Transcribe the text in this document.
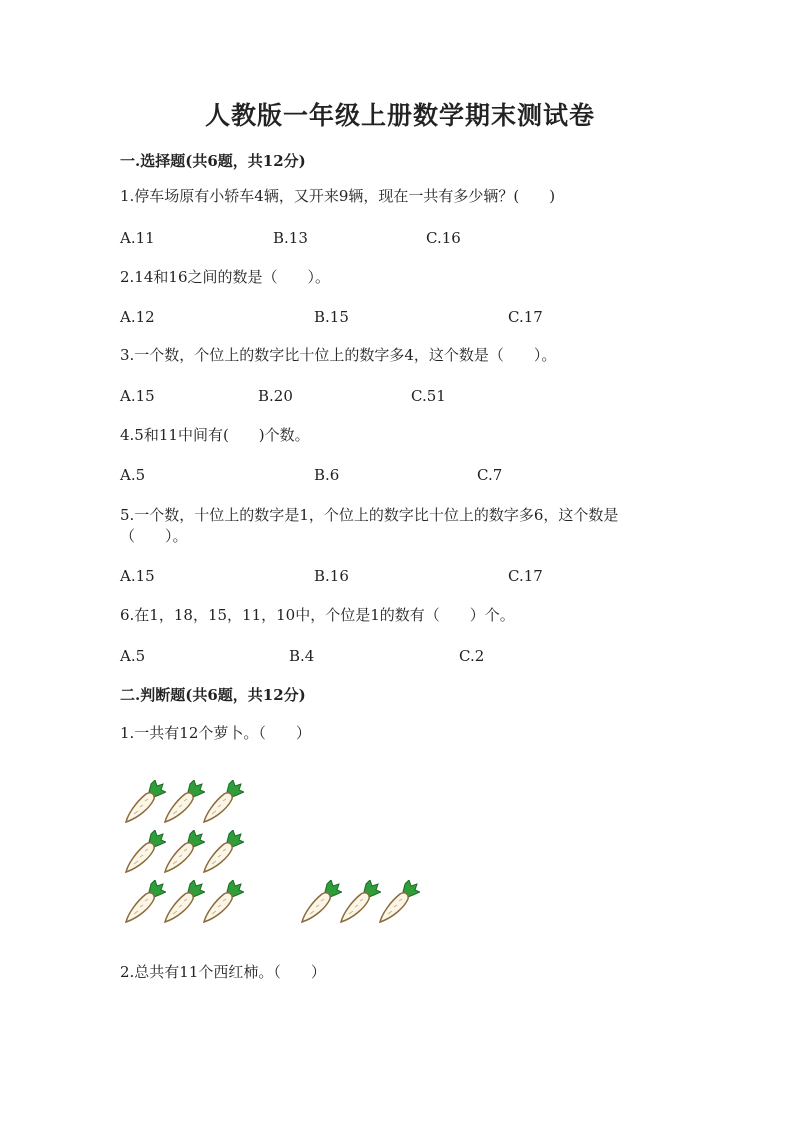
人教版一年级上册数学期末测试卷
一.选择题(共6题，共12分)
1.停车场原有小轿车4辆，又开来9辆，现在一共有多少辆？(　　)
A.11	B.13	C.16
2.14和16之间的数是（　　）。
A.12	B.15	C.17
3.一个数，个位上的数字比十位上的数字多4，这个数是（　　）。
A.15	B.20	C.51
4.5和11中间有(　　)个数。
A.5	B.6	C.7
5.一个数，十位上的数字是1，个位上的数字比十位上的数字多6，这个数是（　　）。
A.15	B.16	C.17
6.在1，18，15，11，10中，个位是1的数有（　　）个。
A.5	B.4	C.2
二.判断题(共6题，共12分)
1.一共有12个萝卜。（　　）
2.总共有11个西红柿。（　　）
